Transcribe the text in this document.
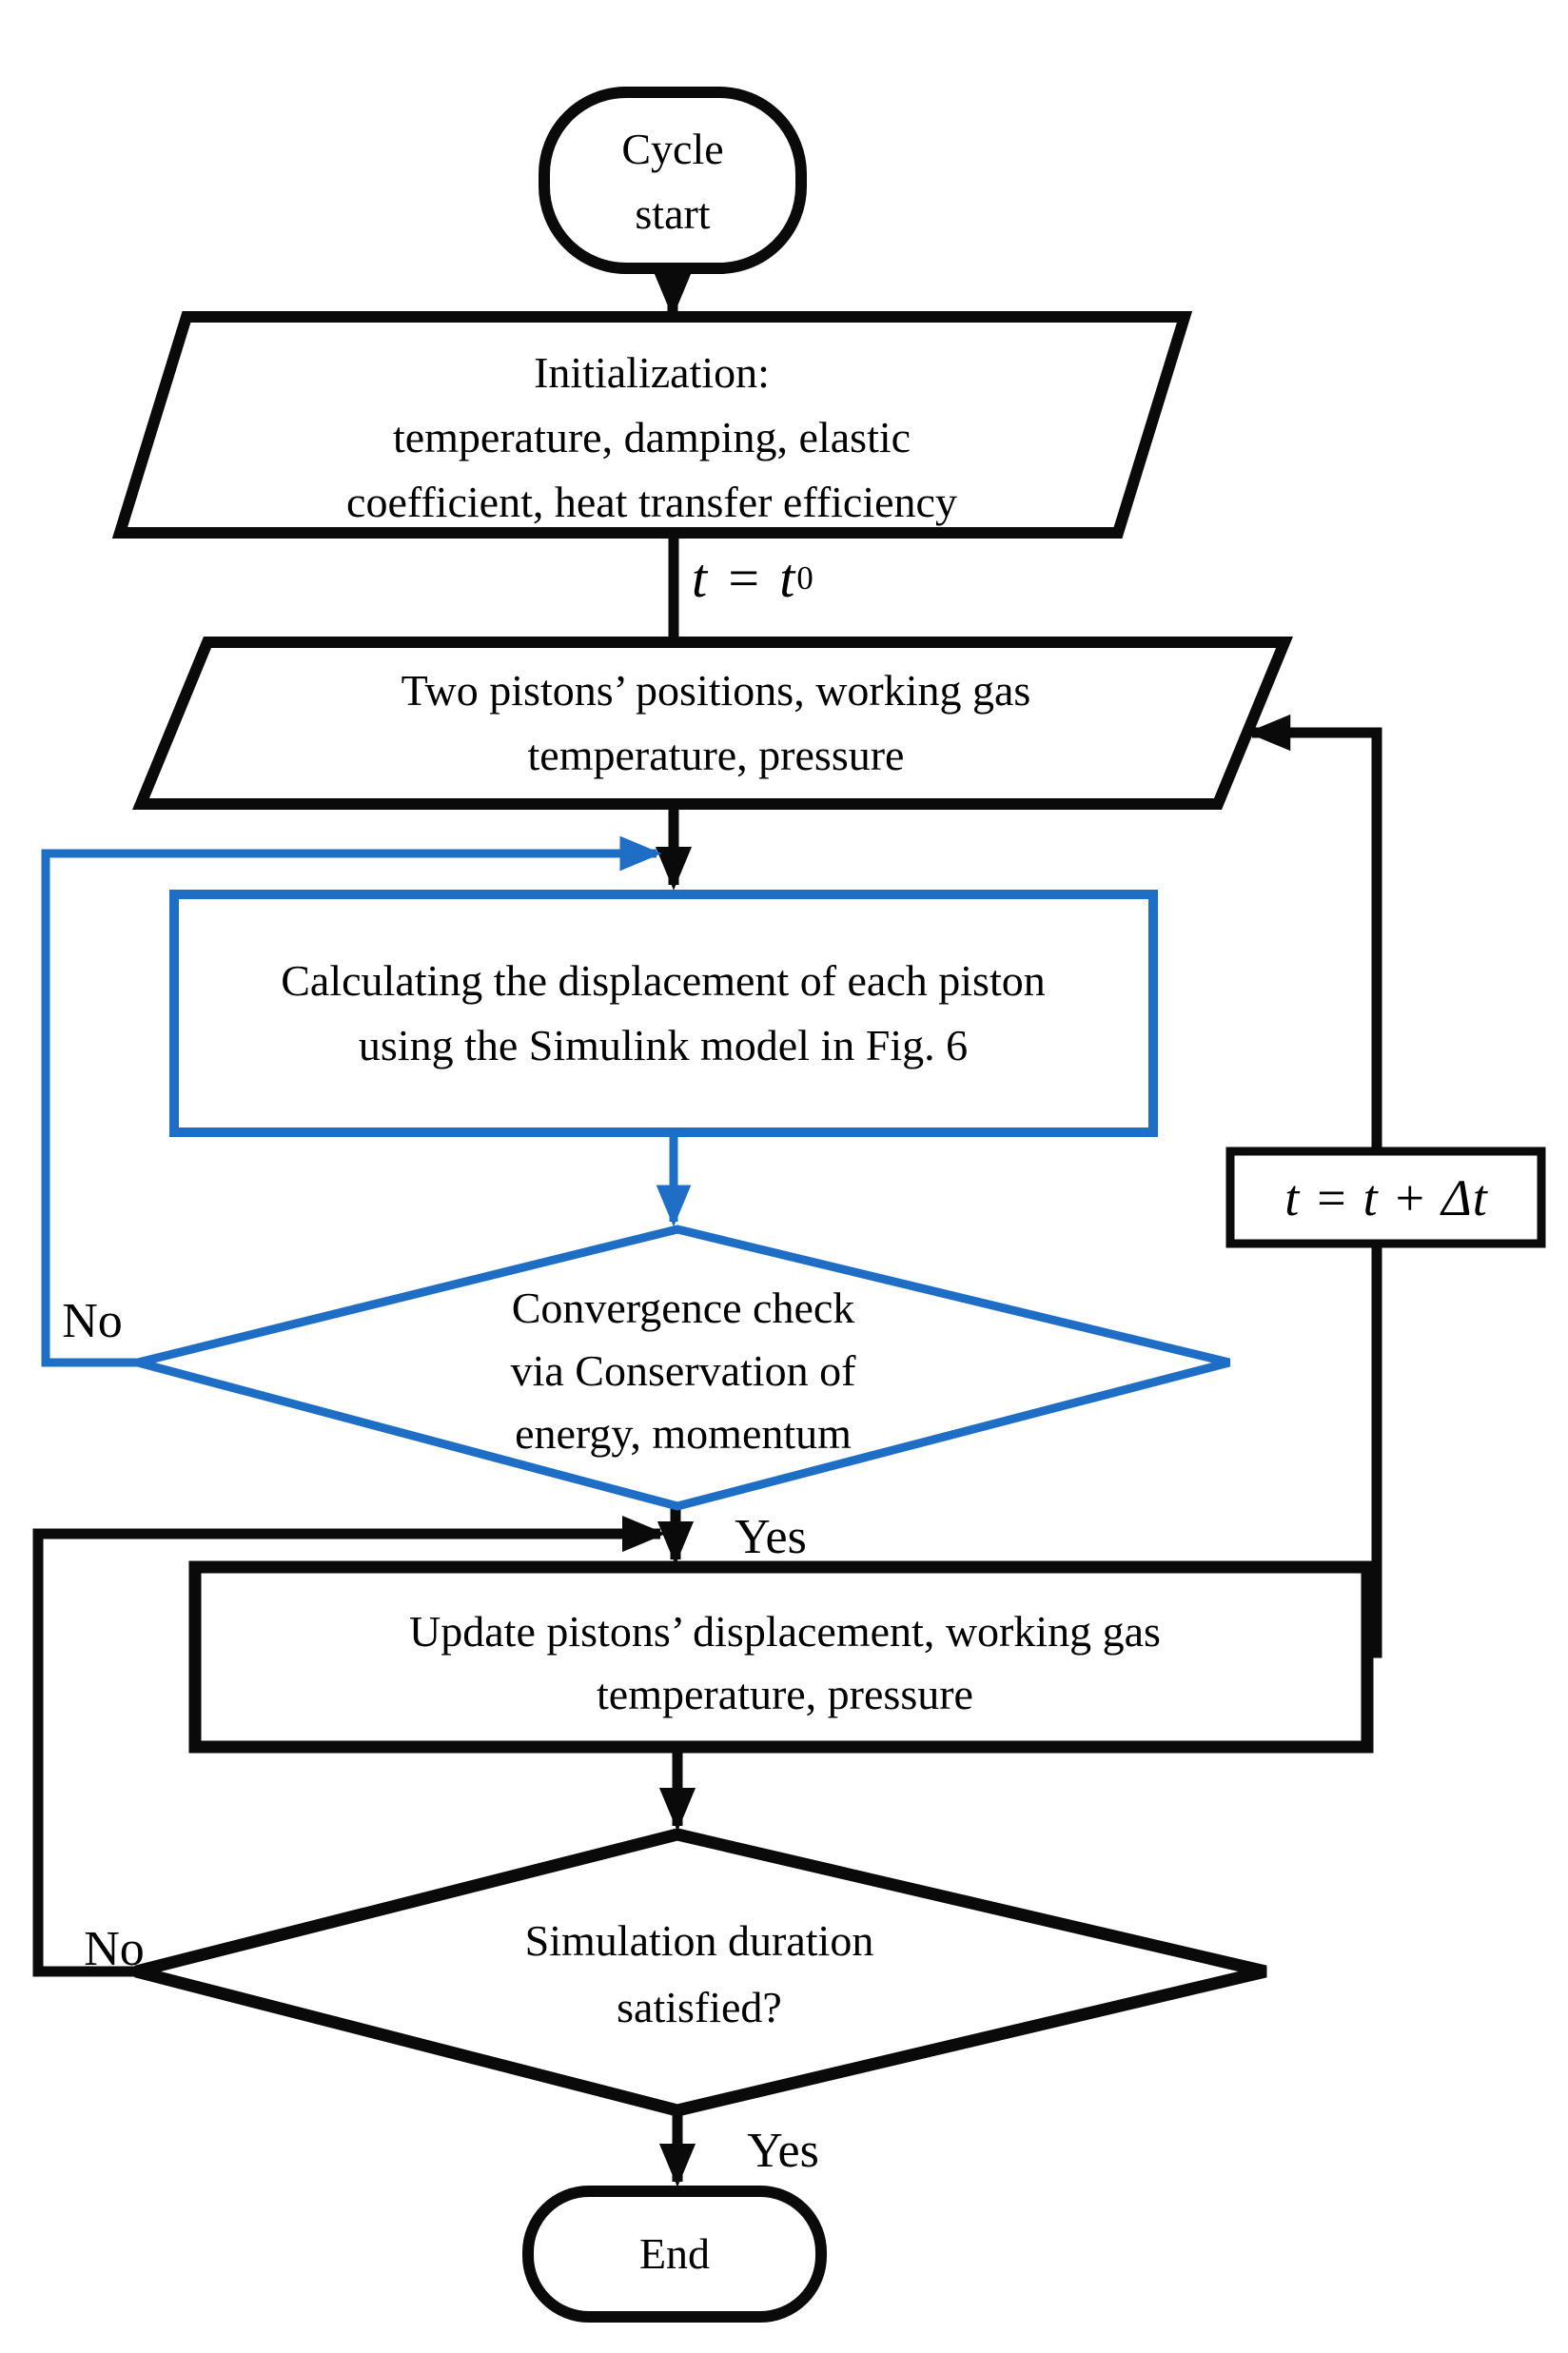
Cycle
start
Initialization:
temperature, damping, elastic
coefficient, heat transfer efficiency
t = t 0
Two pistons’ positions, working gas
temperature, pressure
Calculating the displacement of each piston
using the Simulink model in Fig. 6
Convergence check
via Conservation of
energy, momentum
No
Yes
t = t + Δt
Update pistons’ displacement, working gas
temperature, pressure
Simulation duration
satisfied?
No
Yes
End
